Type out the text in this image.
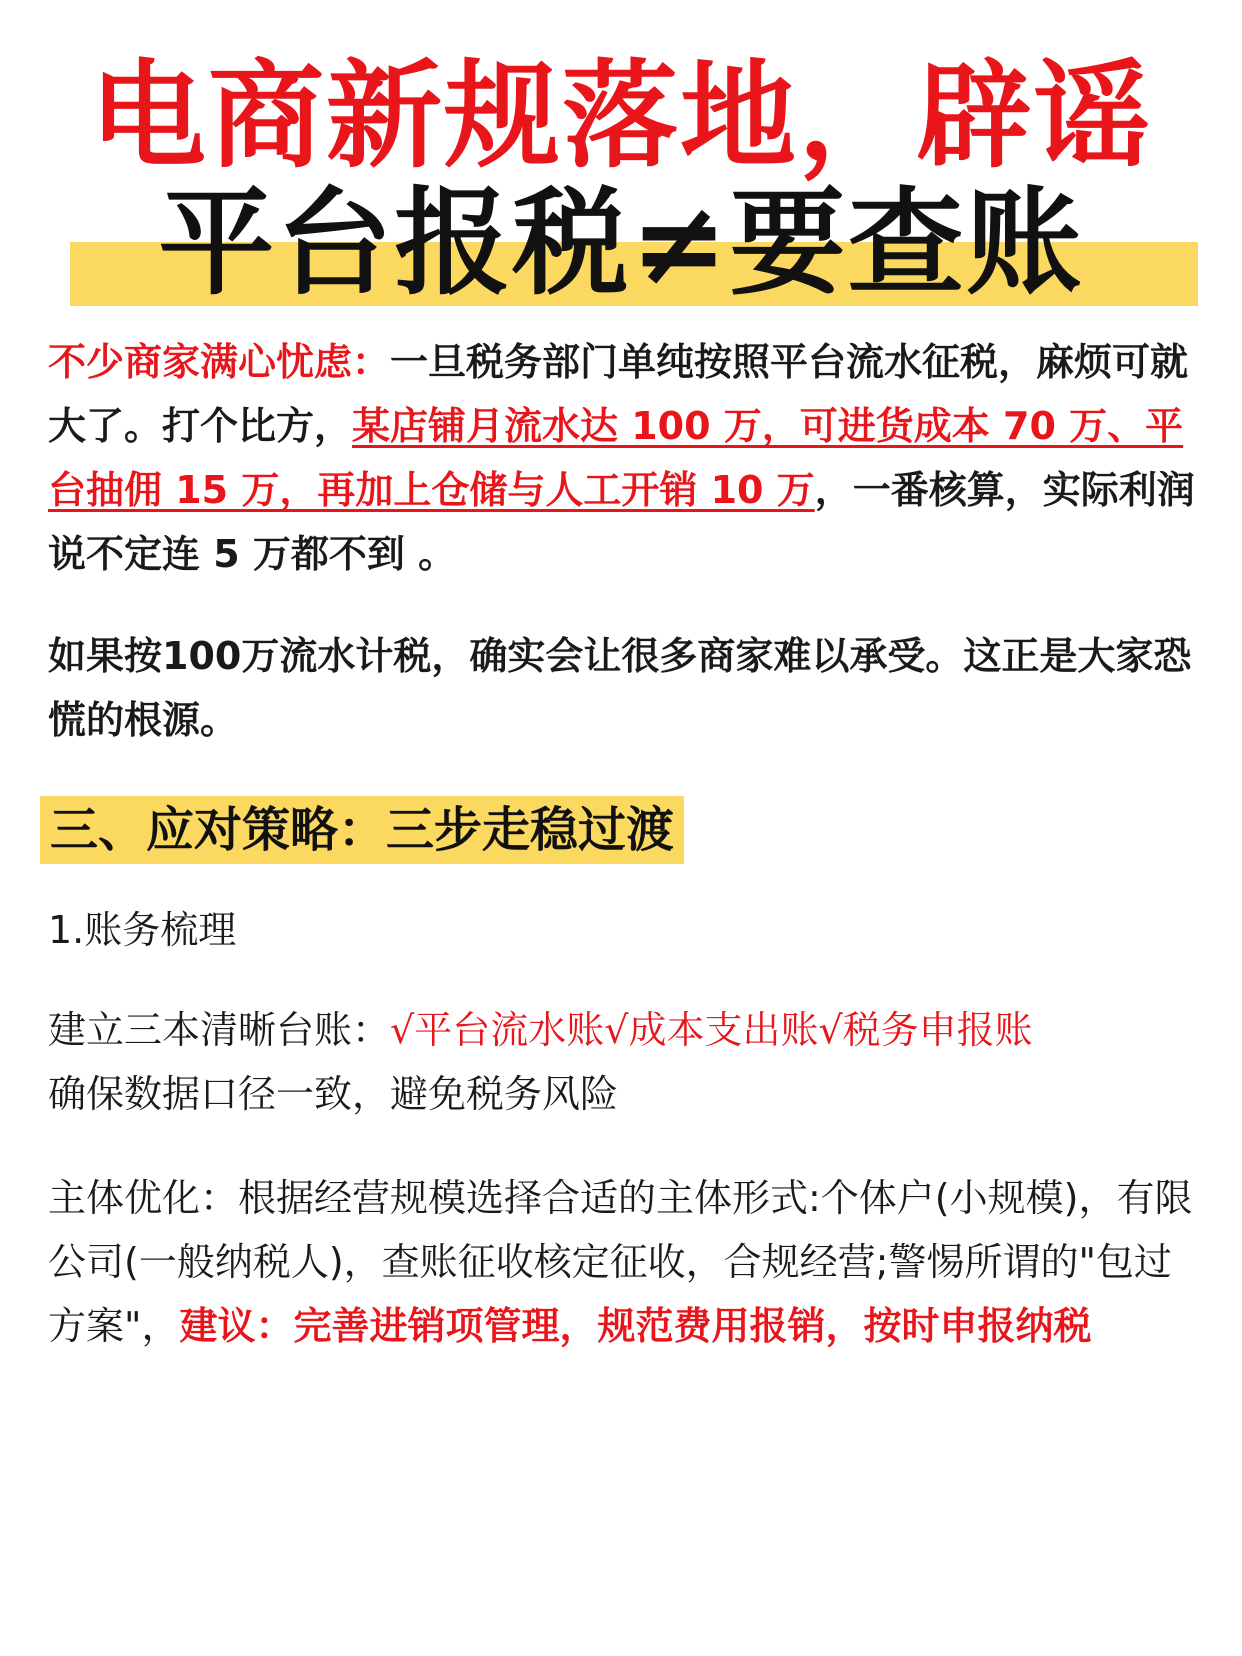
电商新规落地，辟谣
平台报税≠要查账

不少商家满心忧虑：一旦税务部门单纯按照平台流水征税，麻烦可就大了。打个比方，某店铺月流水达 100 万，可进货成本 70 万、平台抽佣 15 万，再加上仓储与人工开销 10 万，一番核算，实际利润说不定连 5 万都不到 。

如果按100万流水计税，确实会让很多商家难以承受。这正是大家恐慌的根源。

三、应对策略：三步走稳过渡
1.账务梳理

建立三本清晰台账：√平台流水账√成本支出账√税务申报账
确保数据口径一致，避免税务风险

主体优化：根据经营规模选择合适的主体形式:个体户(小规模)，有限公司(一般纳税人)，查账征收核定征收，合规经营;警惕所谓的"包过方案"，建议：完善进销项管理，规范费用报销，按时申报纳税
